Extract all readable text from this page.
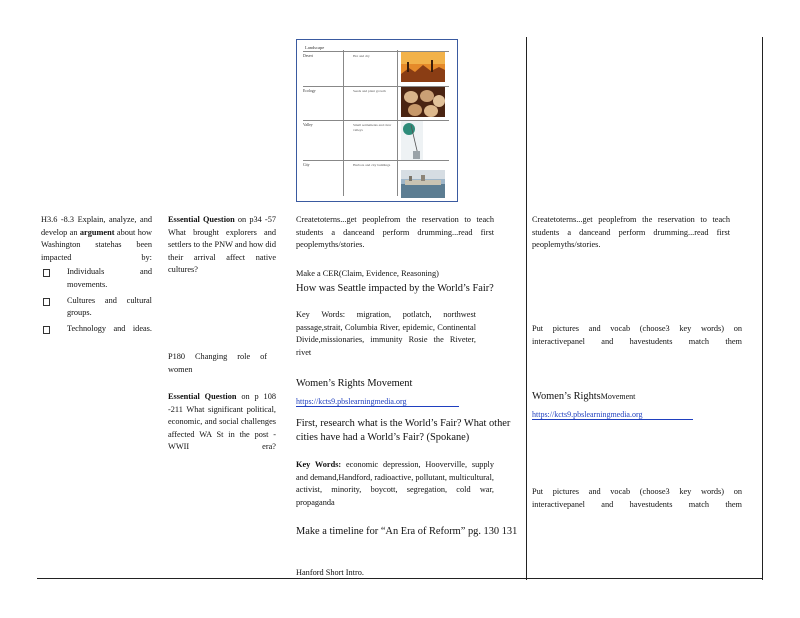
Landscape
Desert	Hot and dry
Ecology	Seeds and plant growth
Valley	Small settlements and river valleys
City	Harbors and city buildings
H3.6 -8.3 Explain, analyze, and develop an argument about how Washington statehas been impacted by:
Individuals and movements.
Cultures and cultural groups.
Technology and ideas.
Essential Question on p34 -57 What brought explorers and settlers to the PNW and how did their arrival affect native cultures?
P180 Changing role of women
Essential Question on p 108 -211 What significant political, economic, and social challenges affected WA St in the post -WWII era?
Createtoterns...get peoplefrom the reservation to teach students a danceand perform drumming...read first peoplemyths/stories.
Make a CER(Claim, Evidence, Reasoning)
How was Seattle impacted by the World’s Fair?
Key Words: migration, potlatch, northwest passage,strait, Columbia River, epidemic, Continental Divide,missionaries, immunity Rosie the Riveter, rivet
Women’s Rights Movement
https://kcts9.pbslearningmedia.org
First, research what is the World’s Fair? What other cities have had a World’s Fair? (Spokane)
Key Words: economic depression, Hooverville, supply and demand,Handford, radioactive, pollutant, multicultural, activist, minority, boycott, segregation, cold war, propaganda
Make a timeline for “An Era of Reform” pg. 130 131
Hanford Short Intro.
Createtoterns...get peoplefrom the reservation to teach students a danceand perform drumming...read first peoplemyths/stories.
Put pictures and vocab (choose3 key words) on interactivepanel and havestudents match them
Women’s RightsMovement
https://kcts9.pbslearningmedia.org
Put pictures and vocab (choose3 key words) on interactivepanel and havestudents match them
